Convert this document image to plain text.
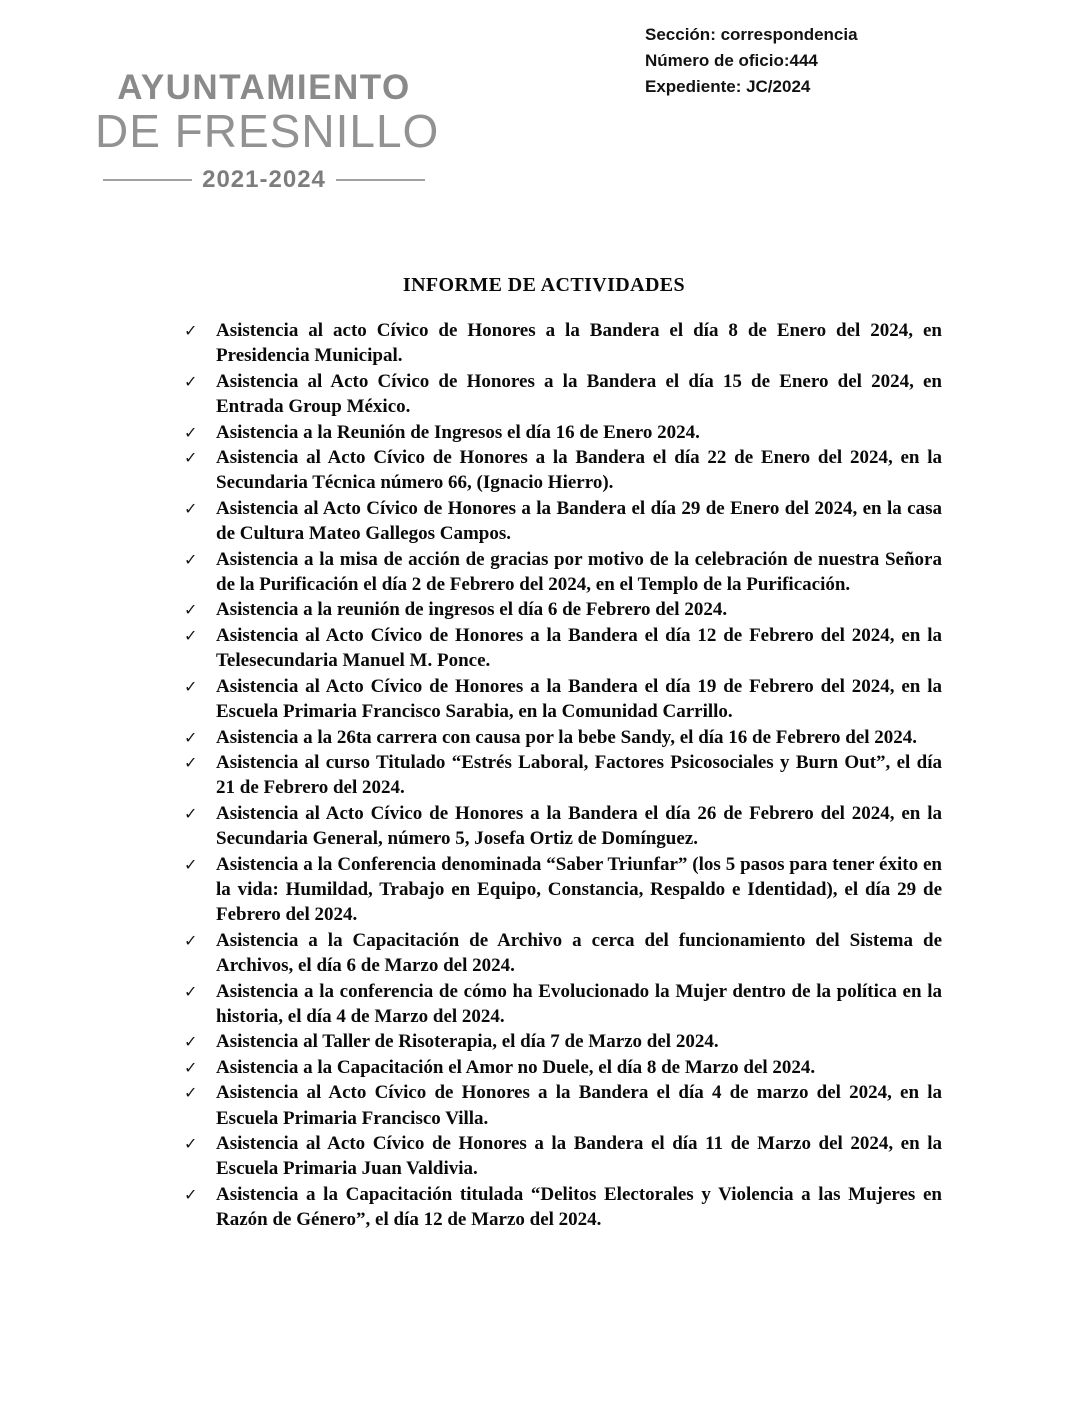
Sección: correspondencia
Número de oficio:444
Expediente: JC/2024
AYUNTAMIENTO
DE FRESNILLO
2021-2024
INFORME DE ACTIVIDADES
✓ Asistencia al acto Cívico de Honores a la Bandera el día 8 de Enero del 2024, en Presidencia Municipal.
✓ Asistencia al Acto Cívico de Honores a la Bandera el día 15 de Enero del 2024, en Entrada Group México.
✓ Asistencia a la Reunión de Ingresos el día 16 de Enero 2024.
✓ Asistencia al Acto Cívico de Honores a la Bandera el día 22 de Enero del 2024, en la Secundaria Técnica número 66, (Ignacio Hierro).
✓ Asistencia al Acto Cívico de Honores a la Bandera el día 29 de Enero del 2024, en la casa de Cultura Mateo Gallegos Campos.
✓ Asistencia a la misa de acción de gracias por motivo de la celebración de nuestra Señora de la Purificación el día 2 de Febrero del 2024, en el Templo de la Purificación.
✓ Asistencia a la reunión de ingresos el día 6 de Febrero del 2024.
✓ Asistencia al Acto Cívico de Honores a la Bandera el día 12 de Febrero del 2024, en la Telesecundaria Manuel M. Ponce.
✓ Asistencia al Acto Cívico de Honores a la Bandera el día 19 de Febrero del 2024, en la Escuela Primaria Francisco Sarabia, en la Comunidad Carrillo.
✓ Asistencia a la 26ta carrera con causa por la bebe Sandy, el día 16 de Febrero del 2024.
✓ Asistencia al curso Titulado “Estrés Laboral, Factores Psicosociales y Burn Out”, el día 21 de Febrero del 2024.
✓ Asistencia al Acto Cívico de Honores a la Bandera el día 26 de Febrero del 2024, en la Secundaria General, número 5, Josefa Ortiz de Domínguez.
✓ Asistencia a la Conferencia denominada “Saber Triunfar” (los 5 pasos para tener éxito en la vida: Humildad, Trabajo en Equipo, Constancia, Respaldo e Identidad), el día 29 de Febrero del 2024.
✓ Asistencia a la Capacitación de Archivo a cerca del funcionamiento del Sistema de Archivos, el día 6 de Marzo del 2024.
✓ Asistencia a la conferencia de cómo ha Evolucionado la Mujer dentro de la política en la historia, el día 4 de Marzo del 2024.
✓ Asistencia al Taller de Risoterapia, el día 7 de Marzo del 2024.
✓ Asistencia a la Capacitación el Amor no Duele, el día 8 de Marzo del 2024.
✓ Asistencia al Acto Cívico de Honores a la Bandera el día 4 de marzo del 2024, en la Escuela Primaria Francisco Villa.
✓ Asistencia al Acto Cívico de Honores a la Bandera el día 11 de Marzo del 2024, en la Escuela Primaria Juan Valdivia.
✓ Asistencia a la Capacitación titulada “Delitos Electorales y Violencia a las Mujeres en Razón de Género”, el día 12 de Marzo del 2024.
